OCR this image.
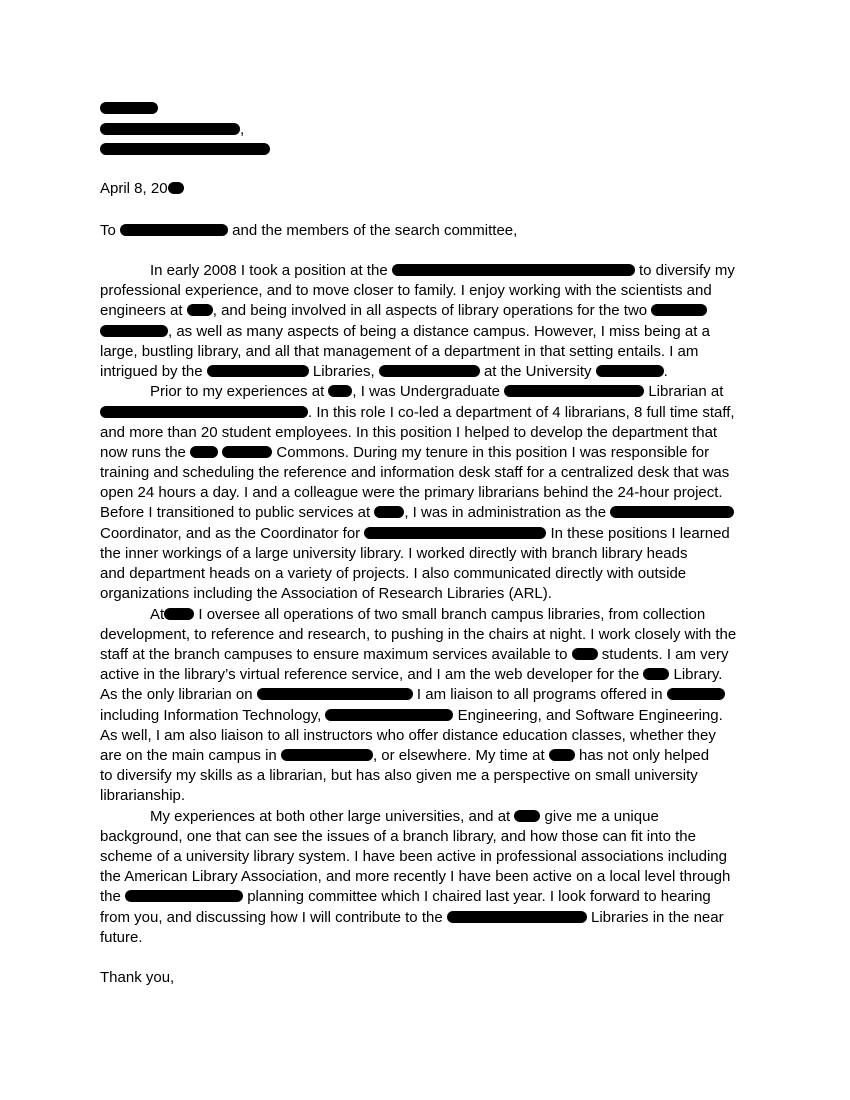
,
April 8, 20
To	and the members of the search committee,
In early 2008 I took a position at the	to diversify my
professional experience, and to move closer to family. I enjoy working with the scientists and
engineers at , and being involved in all aspects of library operations for the two
, as well as many aspects of being a distance campus. However, I miss being at a
large, bustling library, and all that management of a department in that setting entails. I am
intrigued by the	Libraries,	at the University	.
Prior to my experiences at , I was Undergraduate	Librarian at
. In this role I co-led a department of 4 librarians, 8 full time staff,
and more than 20 student employees. In this position I helped to develop the department that
now runs the	Commons. During my tenure in this position I was responsible for
training and scheduling the reference and information desk staff for a centralized desk that was
open 24 hours a day. I and a colleague were the primary librarians behind the 24-hour project.
Before I transitioned to public services at , I was in administration as the
Coordinator, and as the Coordinator for	In these positions I learned
the inner workings of a large university library. I worked directly with branch library heads
and department heads on a variety of projects. I also communicated directly with outside
organizations including the Association of Research Libraries (ARL).
At I oversee all operations of two small branch campus libraries, from collection
development, to reference and research, to pushing in the chairs at night. I work closely with the
staff at the branch campuses to ensure maximum services available to  students. I am very
active in the library’s virtual reference service, and I am the web developer for the  Library.
As the only librarian on	I am liaison to all programs offered in
including Information Technology,	Engineering, and Software Engineering.
As well, I am also liaison to all instructors who offer distance education classes, whether they
are on the main campus in	, or elsewhere. My time at  has not only helped
to diversify my skills as a librarian, but has also given me a perspective on small university
librarianship.
My experiences at both other large universities, and at  give me a unique
background, one that can see the issues of a branch library, and how those can fit into the
scheme of a university library system. I have been active in professional associations including
the American Library Association, and more recently I have been active on a local level through
the	planning committee which I chaired last year. I look forward to hearing
from you, and discussing how I will contribute to the	Libraries in the near
future.
Thank you,
